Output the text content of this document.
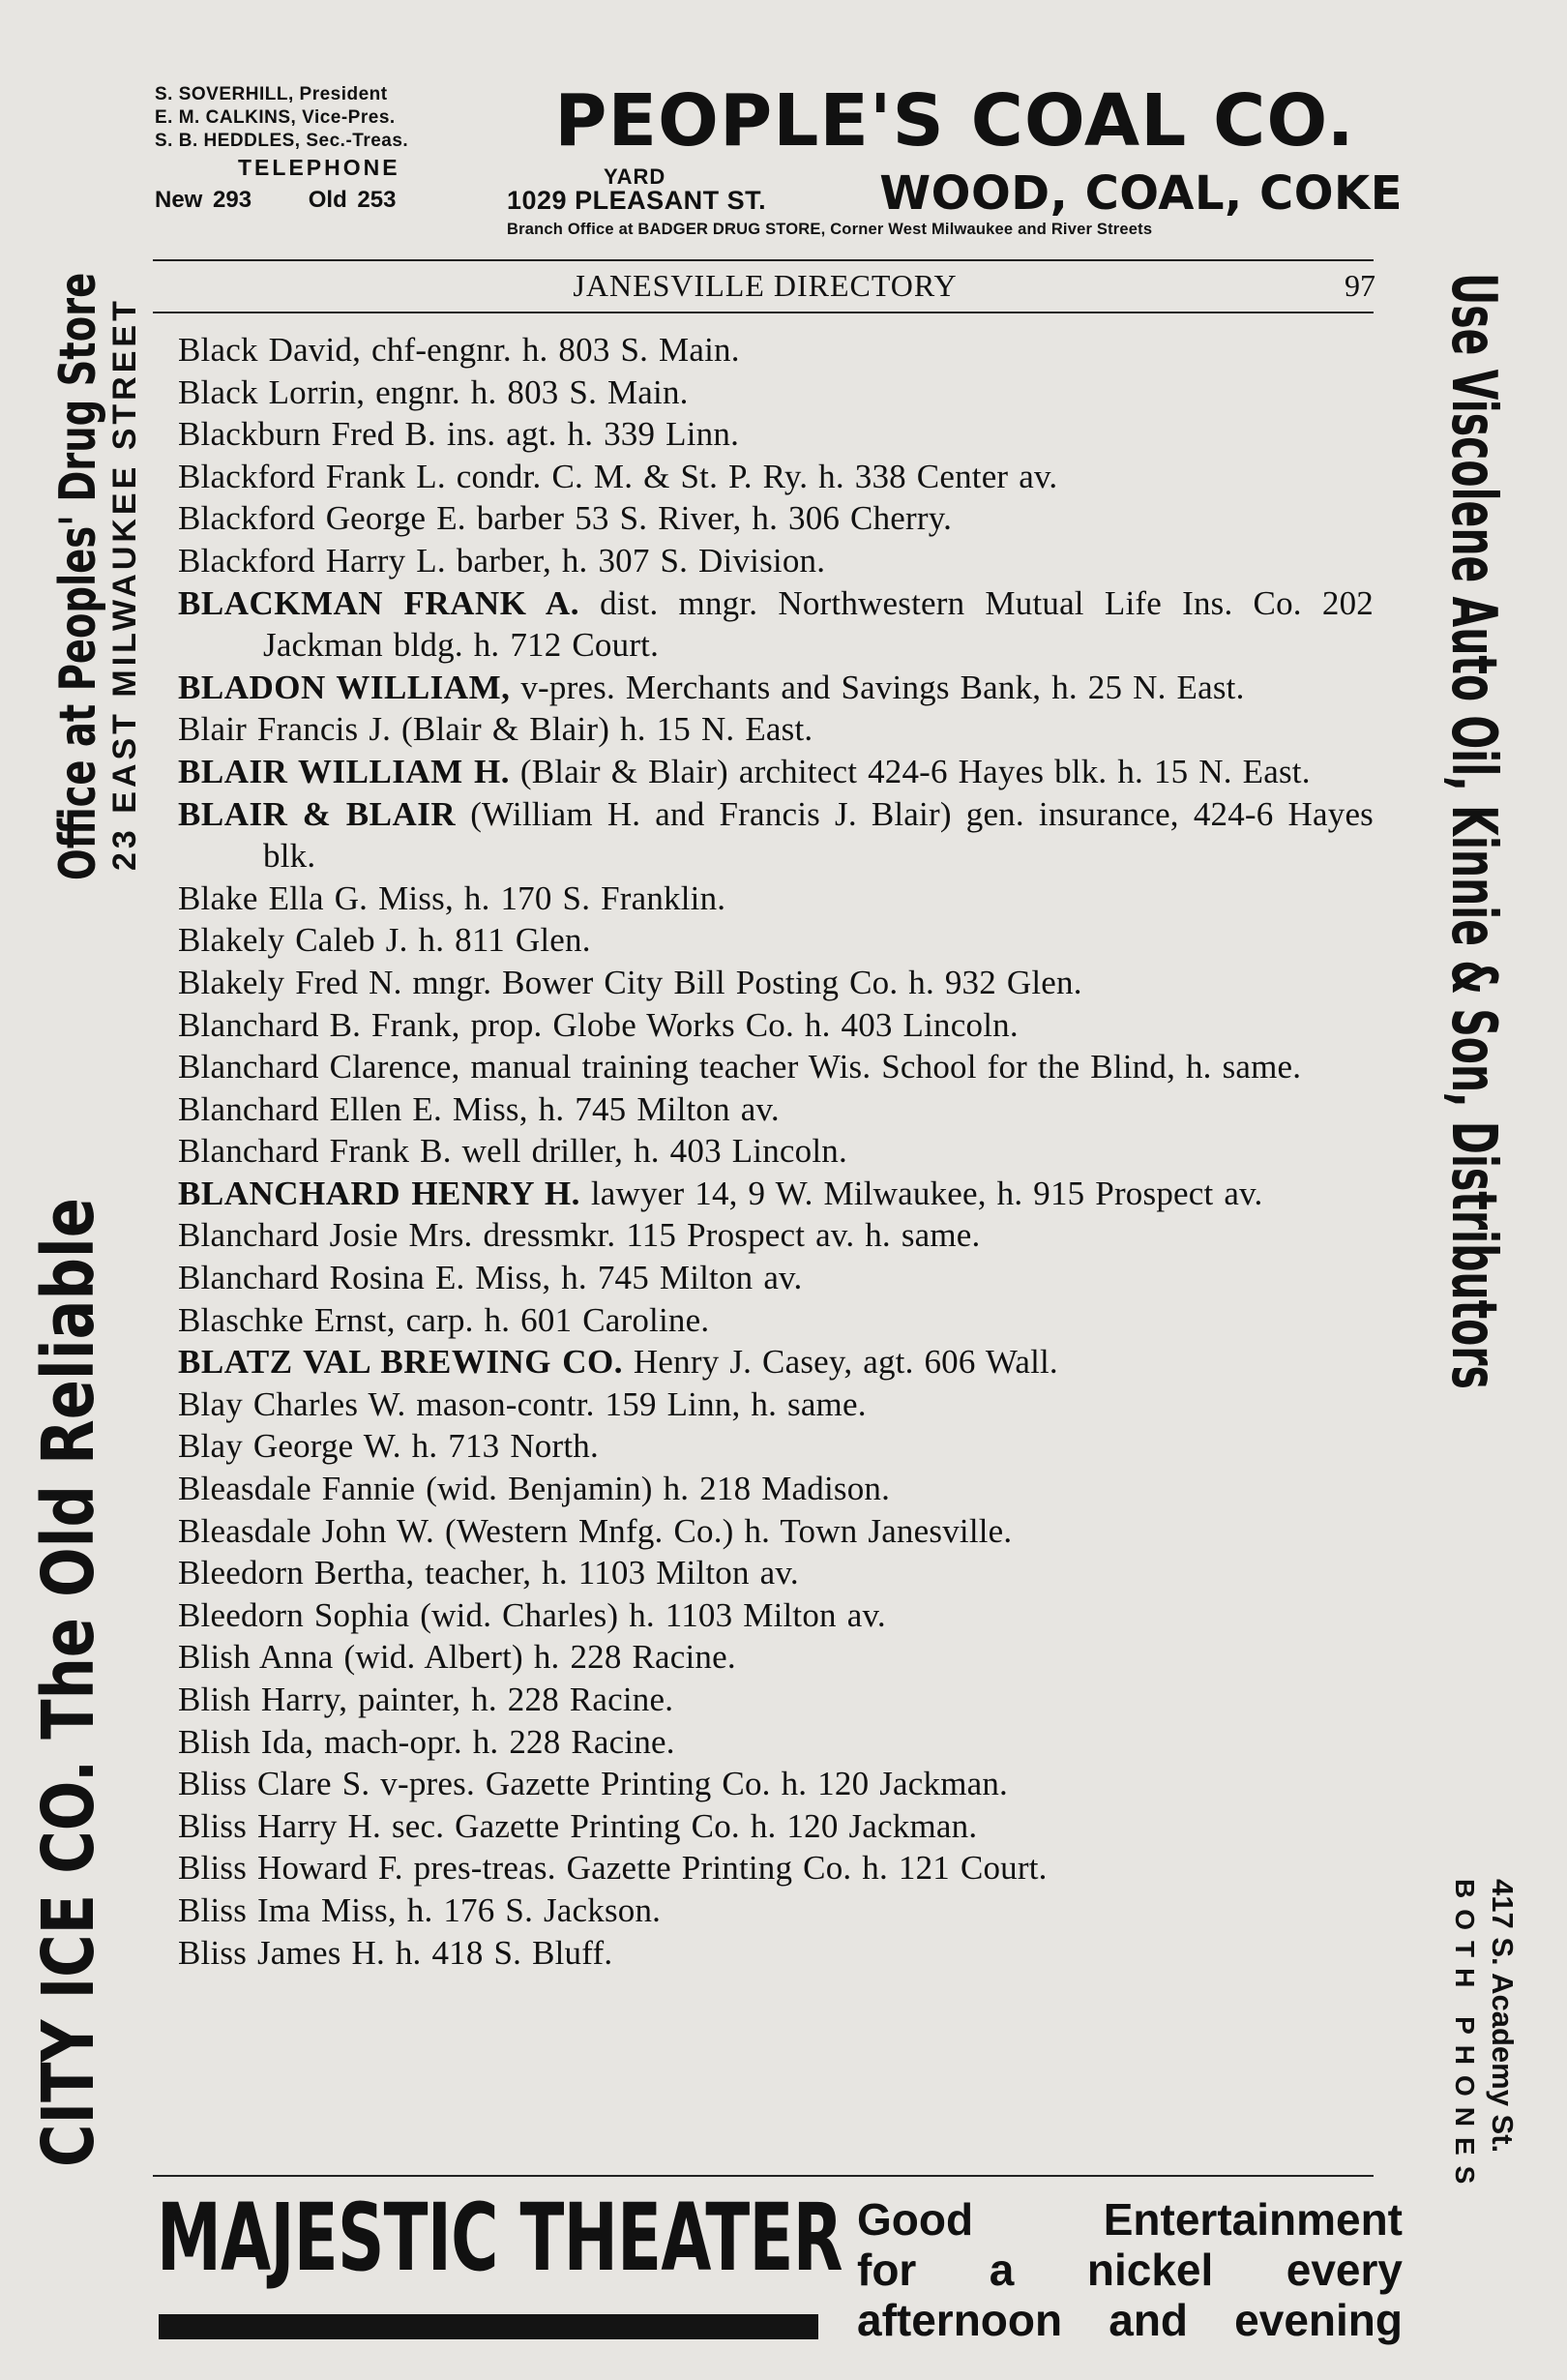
S. SOVERHILL, President
E. M. CALKINS, Vice-Pres.
S. B. HEDDLES, Sec.-Treas.
TELEPHONE
New 293 Old 253
PEOPLE'S COAL CO.
YARD
1029 PLEASANT ST. WOOD, COAL, COKE
Branch Office at BADGER DRUG STORE, Corner West Milwaukee and River Streets
JANESVILLE DIRECTORY	97
CITY ICE CO. The Old Reliable
Office at Peoples' Drug Store 23 EAST MILWAUKEE STREET	Use Viscolene Auto Oil, Kinnie & Son, Distributors
417 S. Academy St.
BOTH PHONES
Black David, chf-engnr. h. 803 S. Main.
Black Lorrin, engnr. h. 803 S. Main.
Blackburn Fred B. ins. agt. h. 339 Linn.
Blackford Frank L. condr. C. M. & St. P. Ry. h. 338 Center av.
Blackford George E. barber 53 S. River, h. 306 Cherry.
Blackford Harry L. barber, h. 307 S. Division.
BLACKMAN FRANK A. dist. mngr. Northwestern Mutual Life Ins. Co. 202 Jackman bldg. h. 712 Court.
BLADON WILLIAM, v-pres. Merchants and Savings Bank, h. 25 N. East.
Blair Francis J. (Blair & Blair) h. 15 N. East.
BLAIR WILLIAM H. (Blair & Blair) architect 424-6 Hayes blk. h. 15 N. East.
BLAIR & BLAIR (William H. and Francis J. Blair) gen. insurance, 424-6 Hayes blk.
Blake Ella G. Miss, h. 170 S. Franklin.
Blakely Caleb J. h. 811 Glen.
Blakely Fred N. mngr. Bower City Bill Posting Co. h. 932 Glen.
Blanchard B. Frank, prop. Globe Works Co. h. 403 Lincoln.
Blanchard Clarence, manual training teacher Wis. School for the Blind, h. same.
Blanchard Ellen E. Miss, h. 745 Milton av.
Blanchard Frank B. well driller, h. 403 Lincoln.
BLANCHARD HENRY H. lawyer 14, 9 W. Milwaukee, h. 915 Prospect av.
Blanchard Josie Mrs. dressmkr. 115 Prospect av. h. same.
Blanchard Rosina E. Miss, h. 745 Milton av.
Blaschke Ernst, carp. h. 601 Caroline.
BLATZ VAL BREWING CO. Henry J. Casey, agt. 606 Wall.
Blay Charles W. mason-contr. 159 Linn, h. same.
Blay George W. h. 713 North.
Bleasdale Fannie (wid. Benjamin) h. 218 Madison.
Bleasdale John W. (Western Mnfg. Co.) h. Town Janesville.
Bleedorn Bertha, teacher, h. 1103 Milton av.
Bleedorn Sophia (wid. Charles) h. 1103 Milton av.
Blish Anna (wid. Albert) h. 228 Racine.
Blish Harry, painter, h. 228 Racine.
Blish Ida, mach-opr. h. 228 Racine.
Bliss Clare S. v-pres. Gazette Printing Co. h. 120 Jackman.
Bliss Harry H. sec. Gazette Printing Co. h. 120 Jackman.
Bliss Howard F. pres-treas. Gazette Printing Co. h. 121 Court.
Bliss Ima Miss, h. 176 S. Jackson.
Bliss James H. h. 418 S. Bluff.
MAJESTIC THEATER Good Entertainment
for a nickel every
afternoon and evening
